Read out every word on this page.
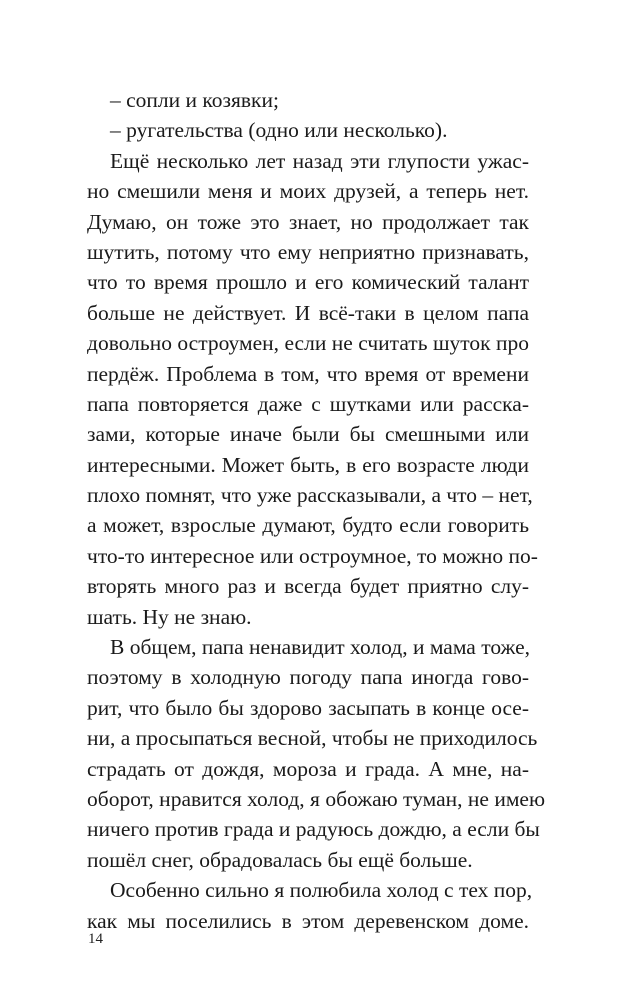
– сопли и козявки;
– ругательства (одно или несколько).
Ещё несколько лет назад эти глупости ужас-
но смешили меня и моих друзей, а теперь нет.
Думаю, он тоже это знает, но продолжает так
шутить, потому что ему неприятно признавать,
что то время прошло и его комический талант
больше не действует. И всё-таки в целом папа
довольно остроумен, если не считать шуток про
пердёж. Проблема в том, что время от времени
папа повторяется даже с шутками или расска-
зами, которые иначе были бы смешными или
интересными. Может быть, в его возрасте люди
плохо помнят, что уже рассказывали, а что – нет,
а может, взрослые думают, будто если говорить
что-то интересное или остроумное, то можно по-
вторять много раз и всегда будет приятно слу-
шать. Ну не знаю.
В общем, папа ненавидит холод, и мама тоже,
поэтому в холодную погоду папа иногда гово-
рит, что было бы здорово засыпать в конце осе-
ни, а просыпаться весной, чтобы не приходилось
страдать от дождя, мороза и града. А мне, на-
оборот, нравится холод, я обожаю туман, не имею
ничего против града и радуюсь дождю, а если бы
пошёл снег, обрадовалась бы ещё больше.
Особенно сильно я полюбила холод с тех пор,
как мы поселились в этом деревенском доме.
14
